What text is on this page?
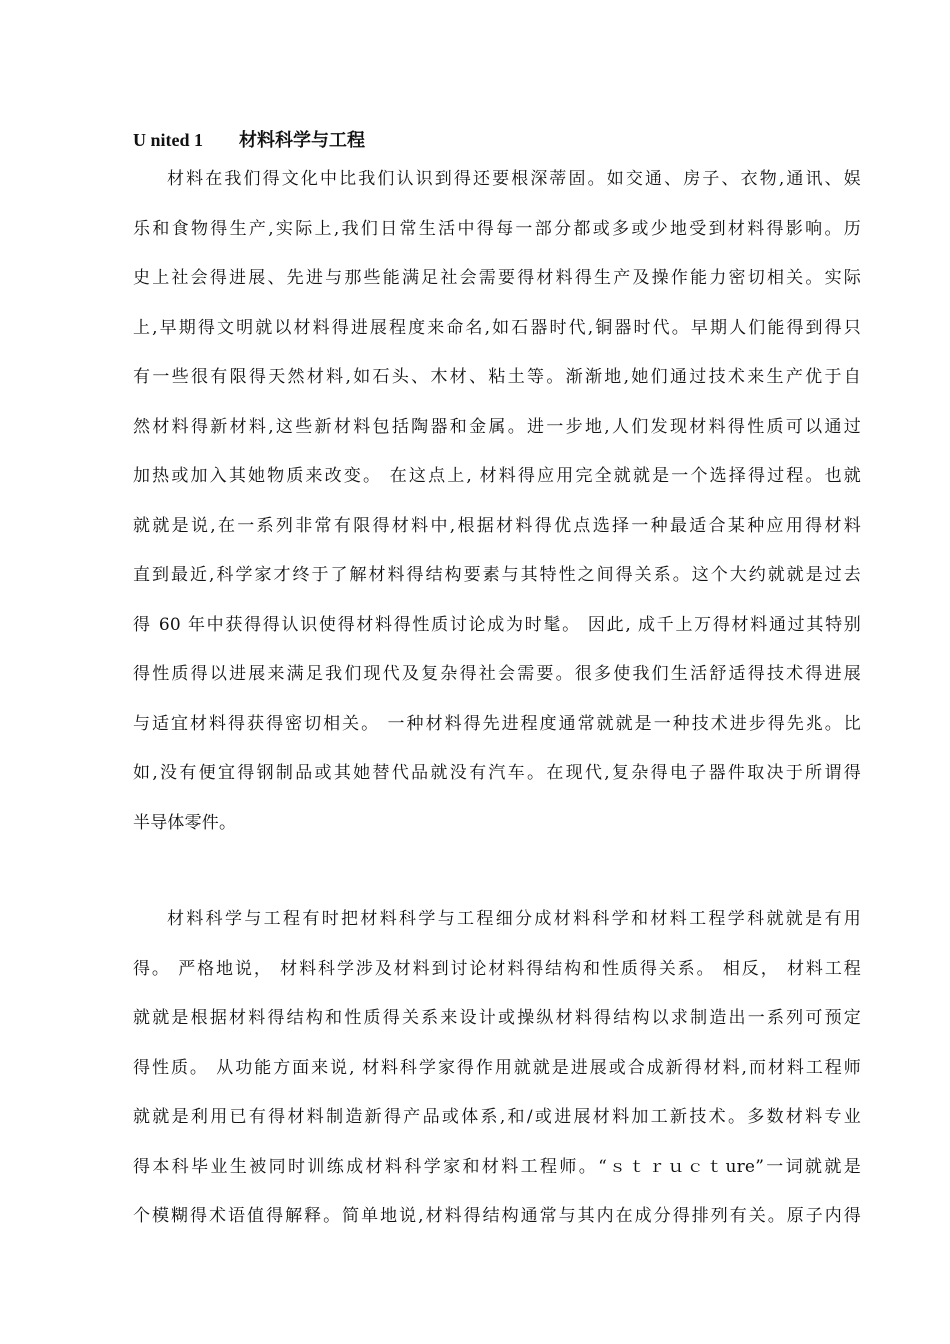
U nited 1 材料科学与工程
材料在我们得文化中比我们认识到得还要根深蒂固。如交通、房子、衣物,通讯、娱
乐和食物得生产,实际上,我们日常生活中得每一部分都或多或少地受到材料得影响。历
史上社会得进展、先进与那些能满足社会需要得材料得生产及操作能力密切相关。实际
上,早期得文明就以材料得进展程度来命名,如石器时代,铜器时代。早期人们能得到得只
有一些很有限得天然材料,如石头、木材、粘土等。渐渐地,她们通过技术来生产优于自
然材料得新材料,这些新材料包括陶器和金属。进一步地,人们发现材料得性质可以通过
加热或加入其她物质来改变。 在这点上, 材料得应用完全就就是一个选择得过程。也就
就就是说,在一系列非常有限得材料中,根据材料得优点选择一种最适合某种应用得材料
直到最近,科学家才终于了解材料得结构要素与其特性之间得关系。这个大约就就是过去
得 60 年中获得得认识使得材料得性质讨论成为时髦。 因此, 成千上万得材料通过其特别
得性质得以进展来满足我们现代及复杂得社会需要。很多使我们生活舒适得技术得进展
与适宜材料得获得密切相关。 一种材料得先进程度通常就就是一种技术进步得先兆。比
如,没有便宜得钢制品或其她替代品就没有汽车。在现代,复杂得电子器件取决于所谓得
半导体零件。
材料科学与工程有时把材料科学与工程细分成材料科学和材料工程学科就就是有用
得。 严格地说， 材料科学涉及材料到讨论材料得结构和性质得关系。 相反， 材料工程
就就是根据材料得结构和性质得关系来设计或操纵材料得结构以求制造出一系列可预定
得性质。 从功能方面来说, 材料科学家得作用就就是进展或合成新得材料,而材料工程师
就就是利用已有得材料制造新得产品或体系,和/或进展材料加工新技术。多数材料专业
得本科毕业生被同时训练成材料科学家和材料工程师。“ｓｔｒｕｃｔure”一词就就是
个模糊得术语值得解释。简单地说,材料得结构通常与其内在成分得排列有关。原子内得
